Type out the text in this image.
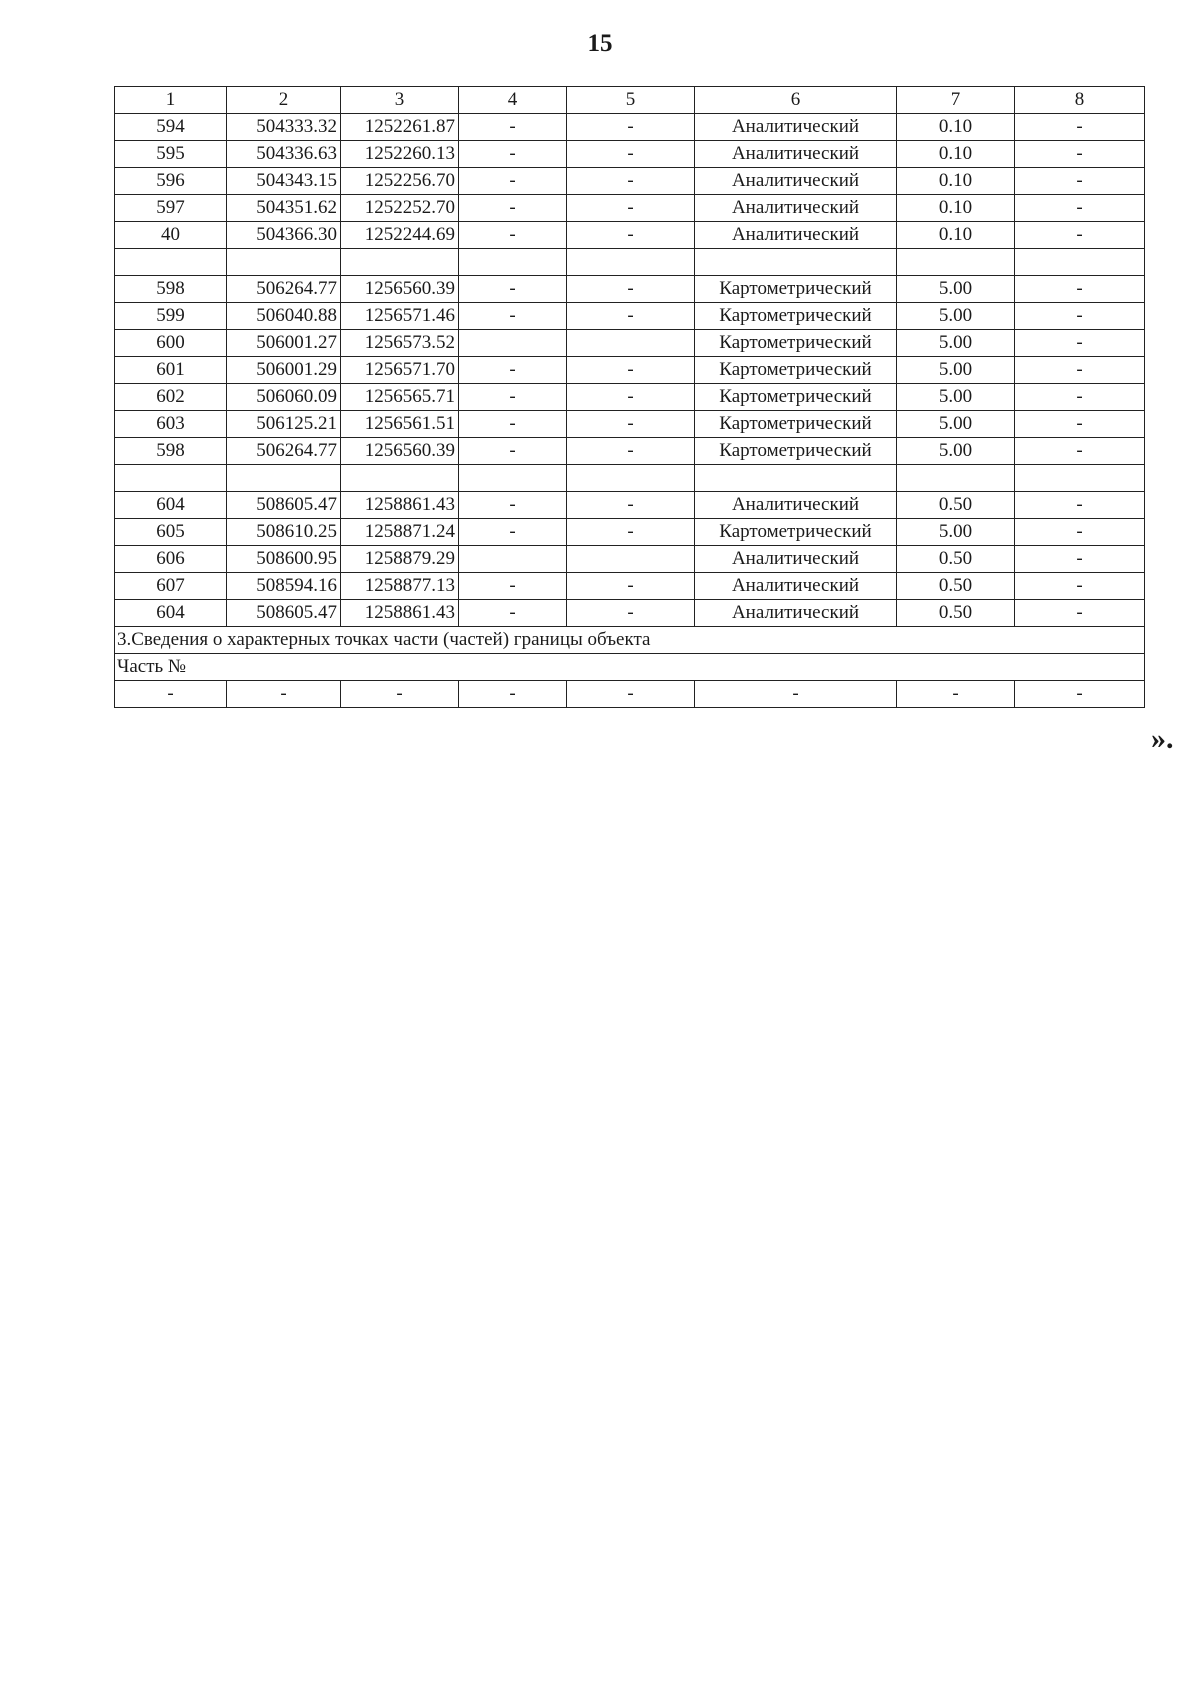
15
1	2	3	4	5	6	7	8
594	504333.32	1252261.87	-	-	Аналитический	0.10	-
595	504336.63	1252260.13	-	-	Аналитический	0.10	-
596	504343.15	1252256.70	-	-	Аналитический	0.10	-
597	504351.62	1252252.70	-	-	Аналитический	0.10	-
40	504366.30	1252244.69	-	-	Аналитический	0.10	-

598	506264.77	1256560.39	-	-	Картометрический	5.00	-
599	506040.88	1256571.46	-	-	Картометрический	5.00	-
600	506001.27	1256573.52			Картометрический	5.00	-
601	506001.29	1256571.70	-	-	Картометрический	5.00	-
602	506060.09	1256565.71	-	-	Картометрический	5.00	-
603	506125.21	1256561.51	-	-	Картометрический	5.00	-
598	506264.77	1256560.39	-	-	Картометрический	5.00	-

604	508605.47	1258861.43	-	-	Аналитический	0.50	-
605	508610.25	1258871.24	-	-	Картометрический	5.00	-
606	508600.95	1258879.29			Аналитический	0.50	-
607	508594.16	1258877.13	-	-	Аналитический	0.50	-
604	508605.47	1258861.43	-	-	Аналитический	0.50	-
3.Сведения о характерных точках части (частей) границы объекта							
Часть №							
-	-	-	-	-	-	-	-
».
